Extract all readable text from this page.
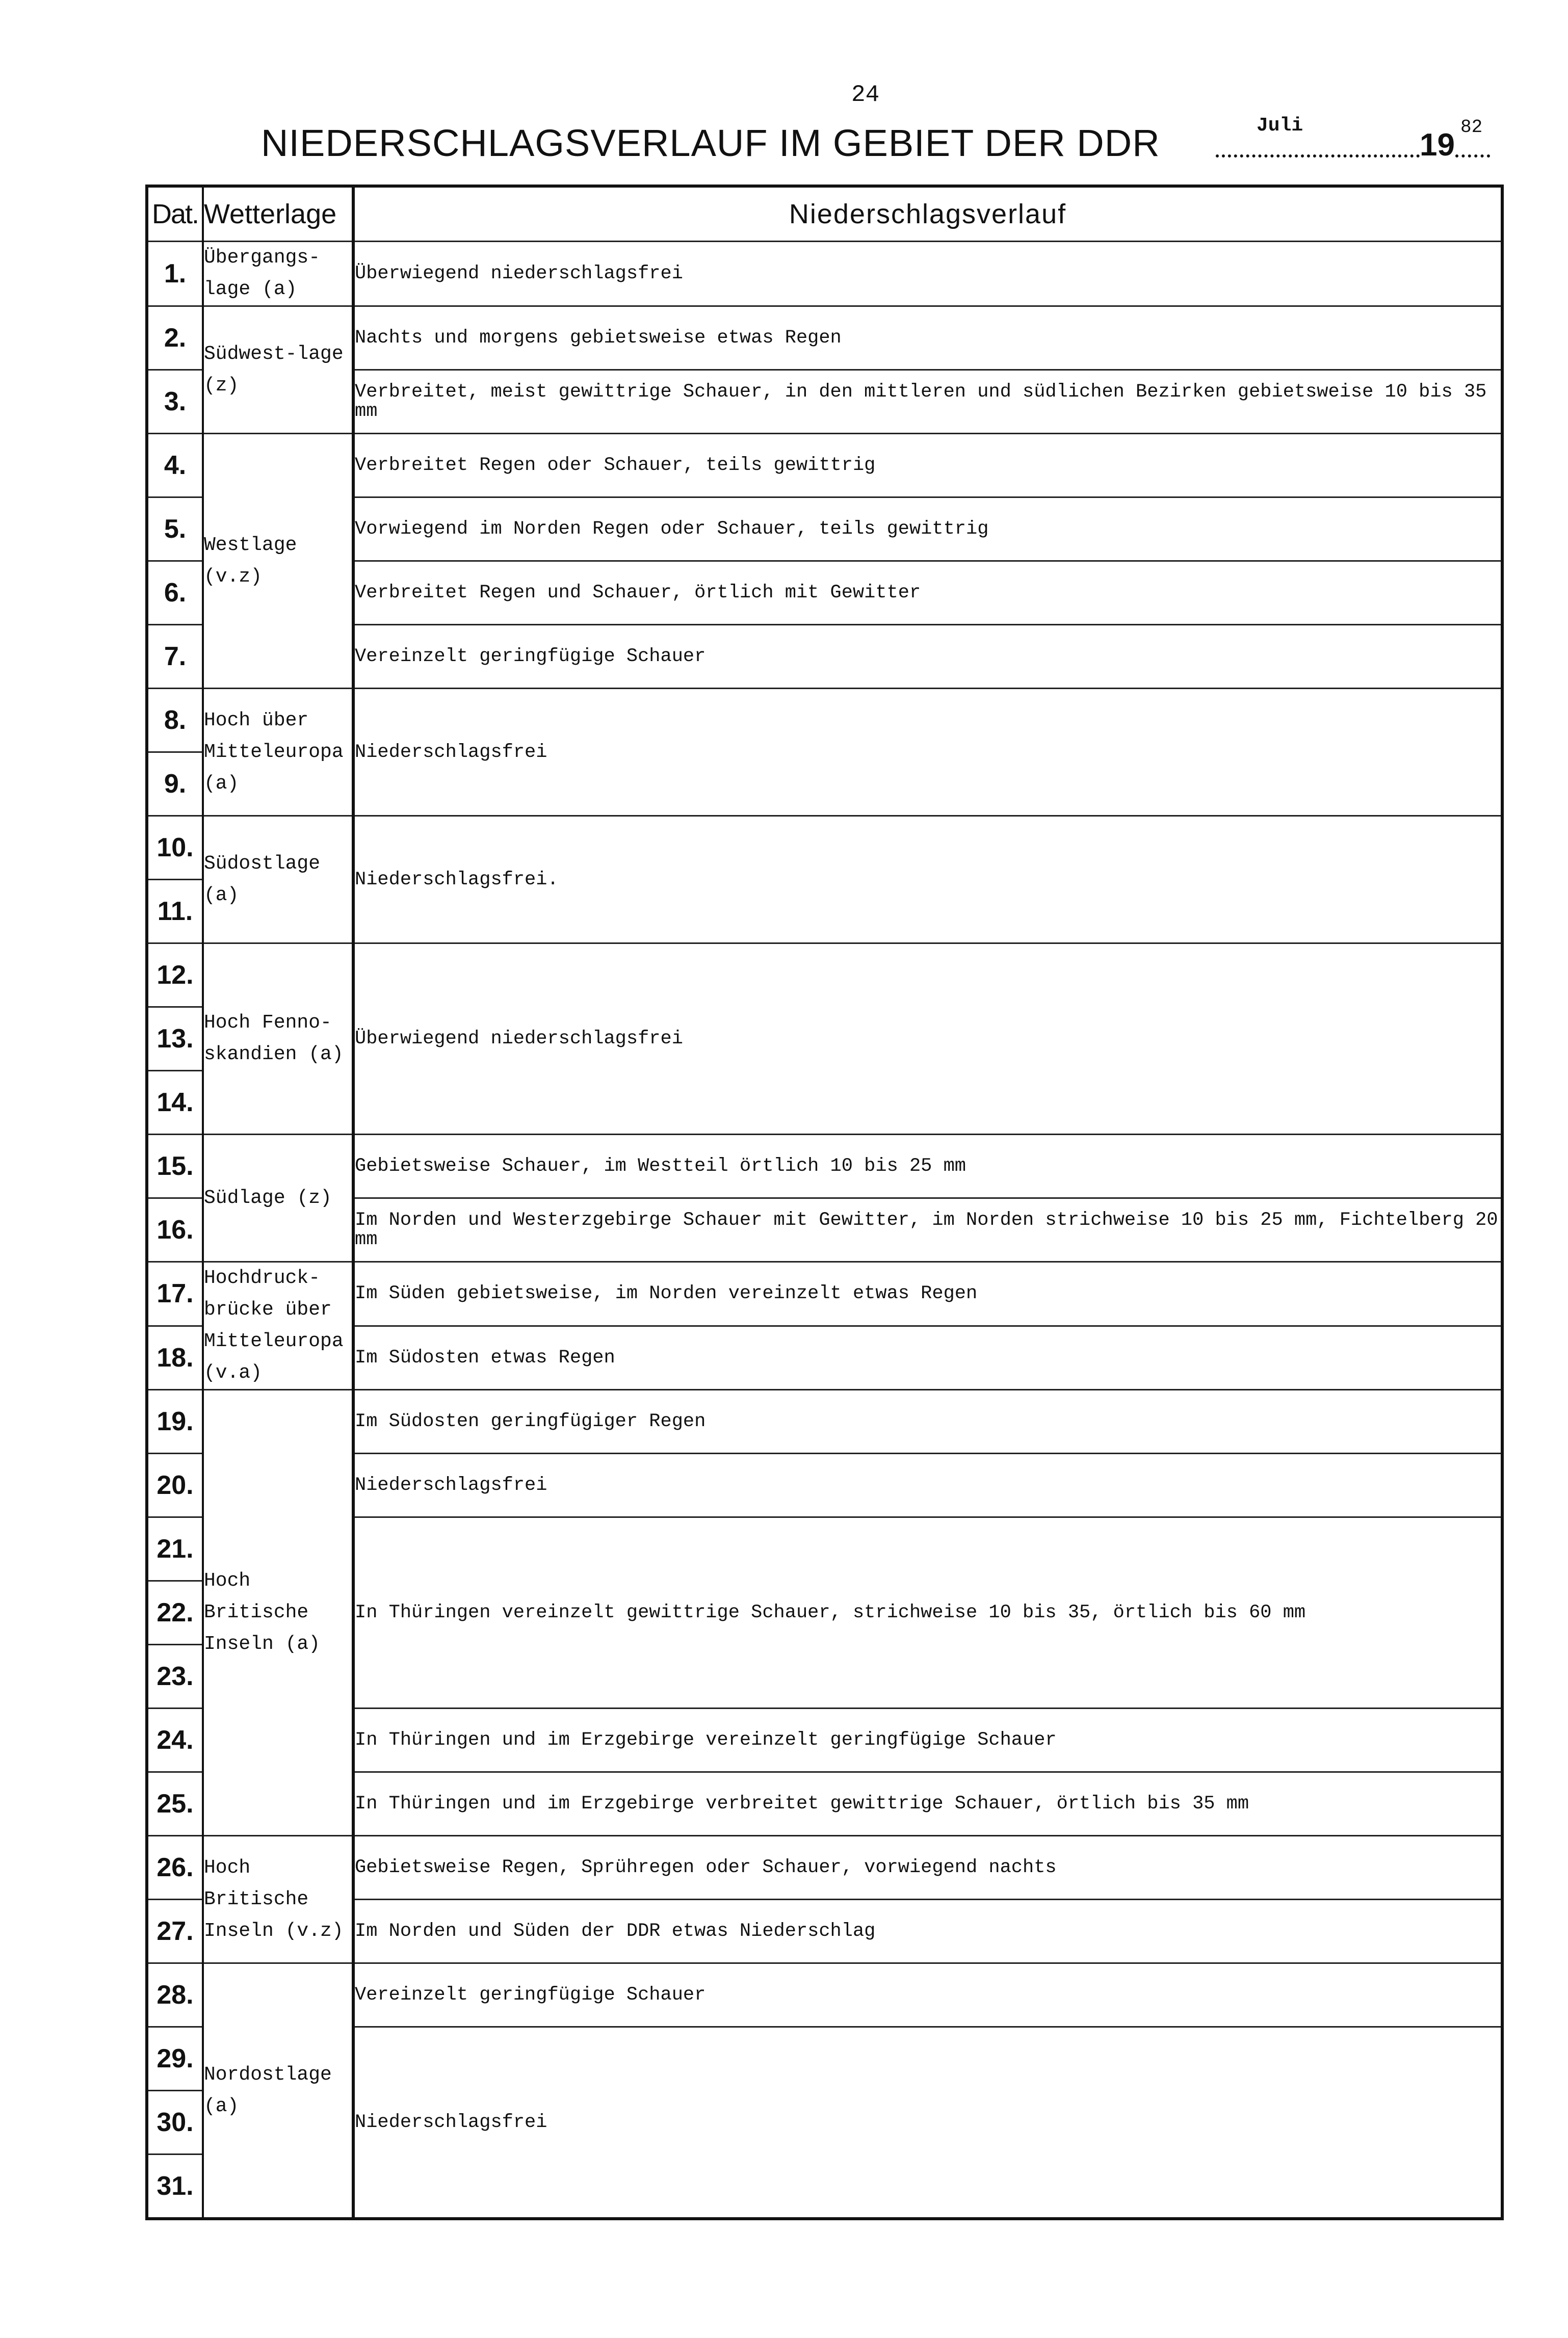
24
NIEDERSCHLAGSVERLAUF IM GEBIET DER DDR	Juli
19
82
Dat.	Wetterlage	Niederschlagsverlauf
1.	Übergangs-lage (a)	Überwiegend niederschlagsfrei
2.	Südwest-lage (z)	Nachts und morgens gebietsweise etwas Regen
3.		Verbreitet, meist gewittrige Schauer, in den mittleren und südlichen Bezirken gebietsweise 10 bis 35 mm
4.	Westlage (v.z)	Verbreitet Regen oder Schauer, teils gewittrig
5.		Vorwiegend im Norden Regen oder Schauer, teils gewittrig
6.		Verbreitet Regen und Schauer, örtlich mit Gewitter
7.		Vereinzelt geringfügige Schauer
8.	Hoch über Mitteleuropa (a)	Niederschlagsfrei
9.		
10.	Südostlage (a)	Niederschlagsfrei.
11.		
12.	Hoch Fenno-skandien (a)	Überwiegend niederschlagsfrei
13.		
14.		
15.	Südlage (z)	Gebietsweise Schauer, im Westteil örtlich 10 bis 25 mm
16.		Im Norden und Westerzgebirge Schauer mit Gewitter, im Norden strichweise 10 bis 25 mm, Fichtelberg 20 mm
17.	Hochdruck-brücke über Mitteleuropa (v.a)	Im Süden gebietsweise, im Norden vereinzelt etwas Regen
18.		Im Südosten etwas Regen
19.	Hoch Britische Inseln (a)	Im Südosten geringfügiger Regen
20.		Niederschlagsfrei
21.		In Thüringen vereinzelt gewittrige Schauer, strichweise 10 bis 35, örtlich bis 60 mm
22.		
23.		
24.		In Thüringen und im Erzgebirge vereinzelt geringfügige Schauer
25.		In Thüringen und im Erzgebirge verbreitet gewittrige Schauer, örtlich bis 35 mm
26.	Hoch Britische Inseln (v.z)	Gebietsweise Regen, Sprühregen oder Schauer, vorwiegend nachts
27.		Im Norden und Süden der DDR etwas Niederschlag
28.	Nordostlage (a)	Vereinzelt geringfügige Schauer
29.		Niederschlagsfrei
30.		
31.		
